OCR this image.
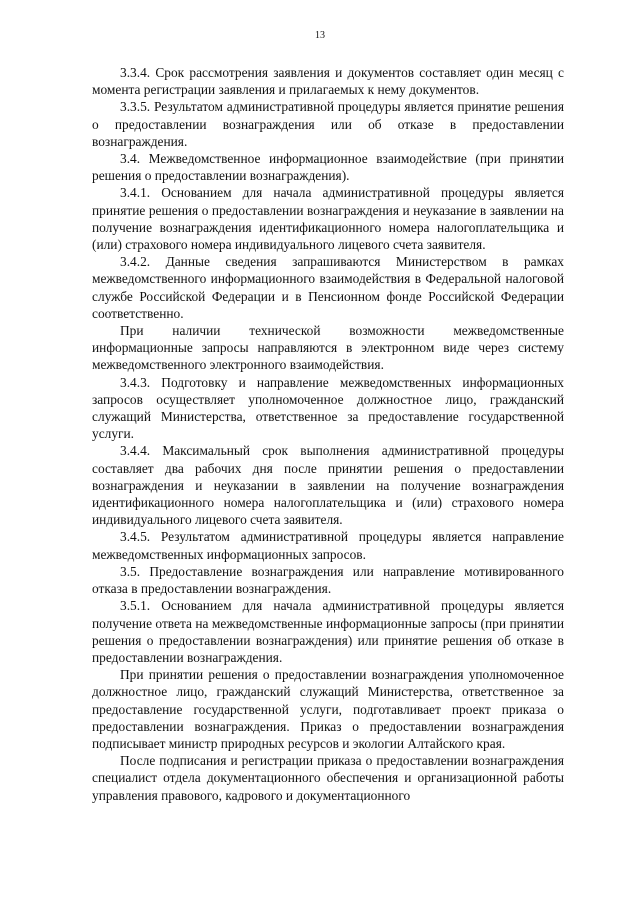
13

3.3.4. Срок рассмотрения заявления и документов составляет один месяц с момента регистрации заявления и прилагаемых к нему документов.

3.3.5. Результатом административной процедуры является принятие решения о предоставлении вознаграждения или об отказе в предоставлении вознаграждения.

3.4. Межведомственное информационное взаимодействие (при принятии решения о предоставлении вознаграждения).

3.4.1. Основанием для начала административной процедуры является принятие решения о предоставлении вознаграждения и неуказание в заявлении на получение вознаграждения идентификационного номера налогоплательщика и (или) страхового номера индивидуального лицевого счета заявителя.

3.4.2. Данные сведения запрашиваются Министерством в рамках межведомственного информационного взаимодействия в Федеральной налоговой службе Российской Федерации и в Пенсионном фонде Российской Федерации соответственно.

При наличии технической возможности межведомственные информационные запросы направляются в электронном виде через систему межведомственного электронного взаимодействия.

3.4.3. Подготовку и направление межведомственных информационных запросов осуществляет уполномоченное должностное лицо, гражданский служащий Министерства, ответственное за предоставление государственной услуги.

3.4.4. Максимальный срок выполнения административной процедуры составляет два рабочих дня после принятии решения о предоставлении вознаграждения и неуказании в заявлении на получение вознаграждения идентификационного номера налогоплательщика и (или) страхового номера индивидуального лицевого счета заявителя.

3.4.5. Результатом административной процедуры является направление межведомственных информационных запросов.

3.5. Предоставление вознаграждения или направление мотивированного отказа в предоставлении вознаграждения.

3.5.1. Основанием для начала административной процедуры является получение ответа на межведомственные информационные запросы (при принятии решения о предоставлении вознаграждения) или принятие решения об отказе в предоставлении вознаграждения.

При принятии решения о предоставлении вознаграждения уполномоченное должностное лицо, гражданский служащий Министерства, ответственное за предоставление государственной услуги, подготавливает проект приказа о предоставлении вознаграждения. Приказ о предоставлении вознаграждения подписывает министр природных ресурсов и экологии Алтайского края.

После подписания и регистрации приказа о предоставлении вознаграждения специалист отдела документационного обеспечения и организационной работы управления правового, кадрового и документационного
